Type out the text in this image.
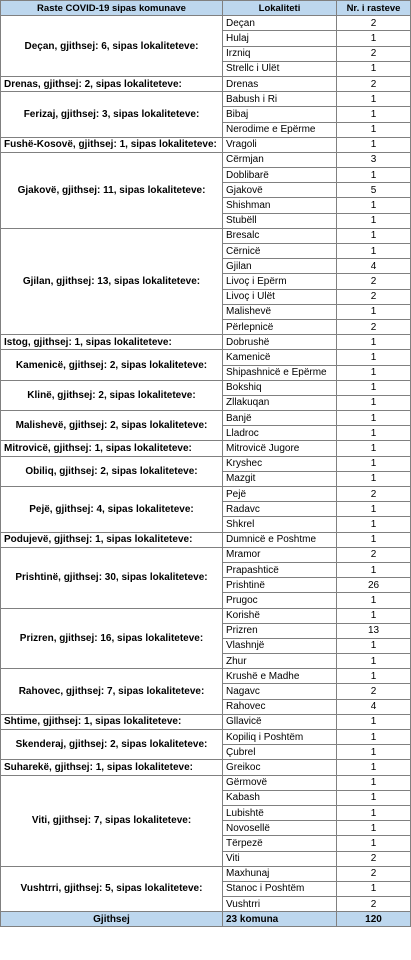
Raste COVID-19 sipas komunave	Lokaliteti	Nr. i rasteve
Deçan, gjithsej: 6, sipas lokaliteteve:	Deçan	2
	Hulaj	1
	Irzniq	2
	Strellc i Ulët	1
Drenas, gjithsej: 2, sipas lokaliteteve:	Drenas	2
Ferizaj, gjithsej: 3, sipas lokaliteteve:	Babush i Ri	1
	Bibaj	1
	Nerodime e Epërme	1
Fushë-Kosovë, gjithsej: 1, sipas lokaliteteve:	Vragoli	1
Gjakovë, gjithsej: 11, sipas lokaliteteve:	Cërmjan	3
	Doblibarë	1
	Gjakovë	5
	Shishman	1
	Stubëll	1
Gjilan, gjithsej: 13, sipas lokaliteteve:	Bresalc	1
	Cërnicë	1
	Gjilan	4
	Livoç i Epërm	2
	Livoç i Ulët	2
	Malishevë	1
	Përlepnicë	2
Istog, gjithsej: 1, sipas lokaliteteve:	Dobrushë	1
Kamenicë, gjithsej: 2, sipas lokaliteteve:	Kamenicë	1
	Shipashnicë e Epërme	1
Klinë, gjithsej: 2, sipas lokaliteteve:	Bokshiq	1
	Zllakuqan	1
Malishevë, gjithsej: 2, sipas lokaliteteve:	Banjë	1
	Lladroc	1
Mitrovicë, gjithsej: 1, sipas lokaliteteve:	Mitrovicë Jugore	1
Obiliq, gjithsej: 2, sipas lokaliteteve:	Kryshec	1
	Mazgit	1
Pejë, gjithsej: 4, sipas lokaliteteve:	Pejë	2
	Radavc	1
	Shkrel	1
Podujevë, gjithsej: 1, sipas lokaliteteve:	Dumnicë e Poshtme	1
Prishtinë, gjithsej: 30, sipas lokaliteteve:	Mramor	2
	Prapashticë	1
	Prishtinë	26
	Prugoc	1
Prizren, gjithsej: 16, sipas lokaliteteve:	Korishë	1
	Prizren	13
	Vlashnjë	1
	Zhur	1
Rahovec, gjithsej: 7, sipas lokaliteteve:	Krushë e Madhe	1
	Nagavc	2
	Rahovec	4
Shtime, gjithsej: 1, sipas lokaliteteve:	Gllavicë	1
Skenderaj, gjithsej: 2, sipas lokaliteteve:	Kopiliq i Poshtëm	1
	Çubrel	1
Suharekë, gjithsej: 1, sipas lokaliteteve:	Greikoc	1
Viti, gjithsej: 7, sipas lokaliteteve:	Gërmovë	1
	Kabash	1
	Lubishtë	1
	Novosellë	1
	Tërpezë	1
	Viti	2
Vushtrri, gjithsej: 5, sipas lokaliteteve:	Maxhunaj	2
	Stanoc i Poshtëm	1
	Vushtrri	2
Gjithsej	23 komuna	120
